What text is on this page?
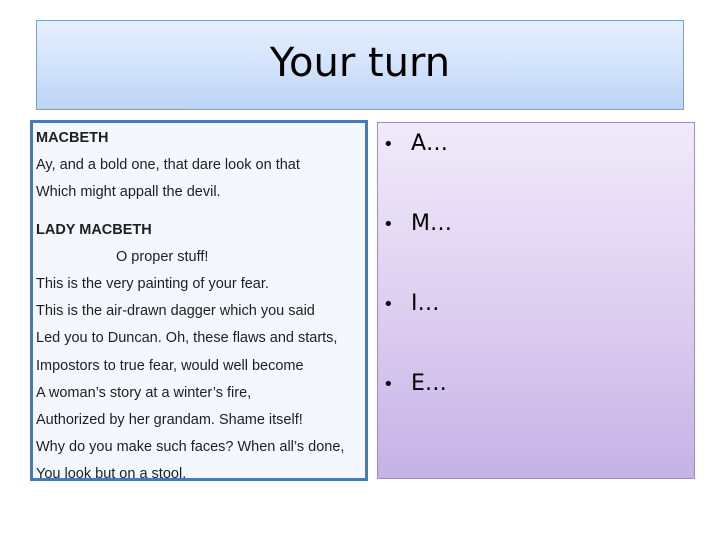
Your turn
MACBETH
Ay, and a bold one, that dare look on that
Which might appall the devil.
LADY MACBETH
O proper stuff!
This is the very painting of your fear.
This is the air-drawn dagger which you said
Led you to Duncan. Oh, these flaws and starts,
Impostors to true fear, would well become
A woman’s story at a winter’s fire,
Authorized by her grandam. Shame itself!
Why do you make such faces? When all’s done,
You look but on a stool.
• A…
• M…
• I…
• E…
